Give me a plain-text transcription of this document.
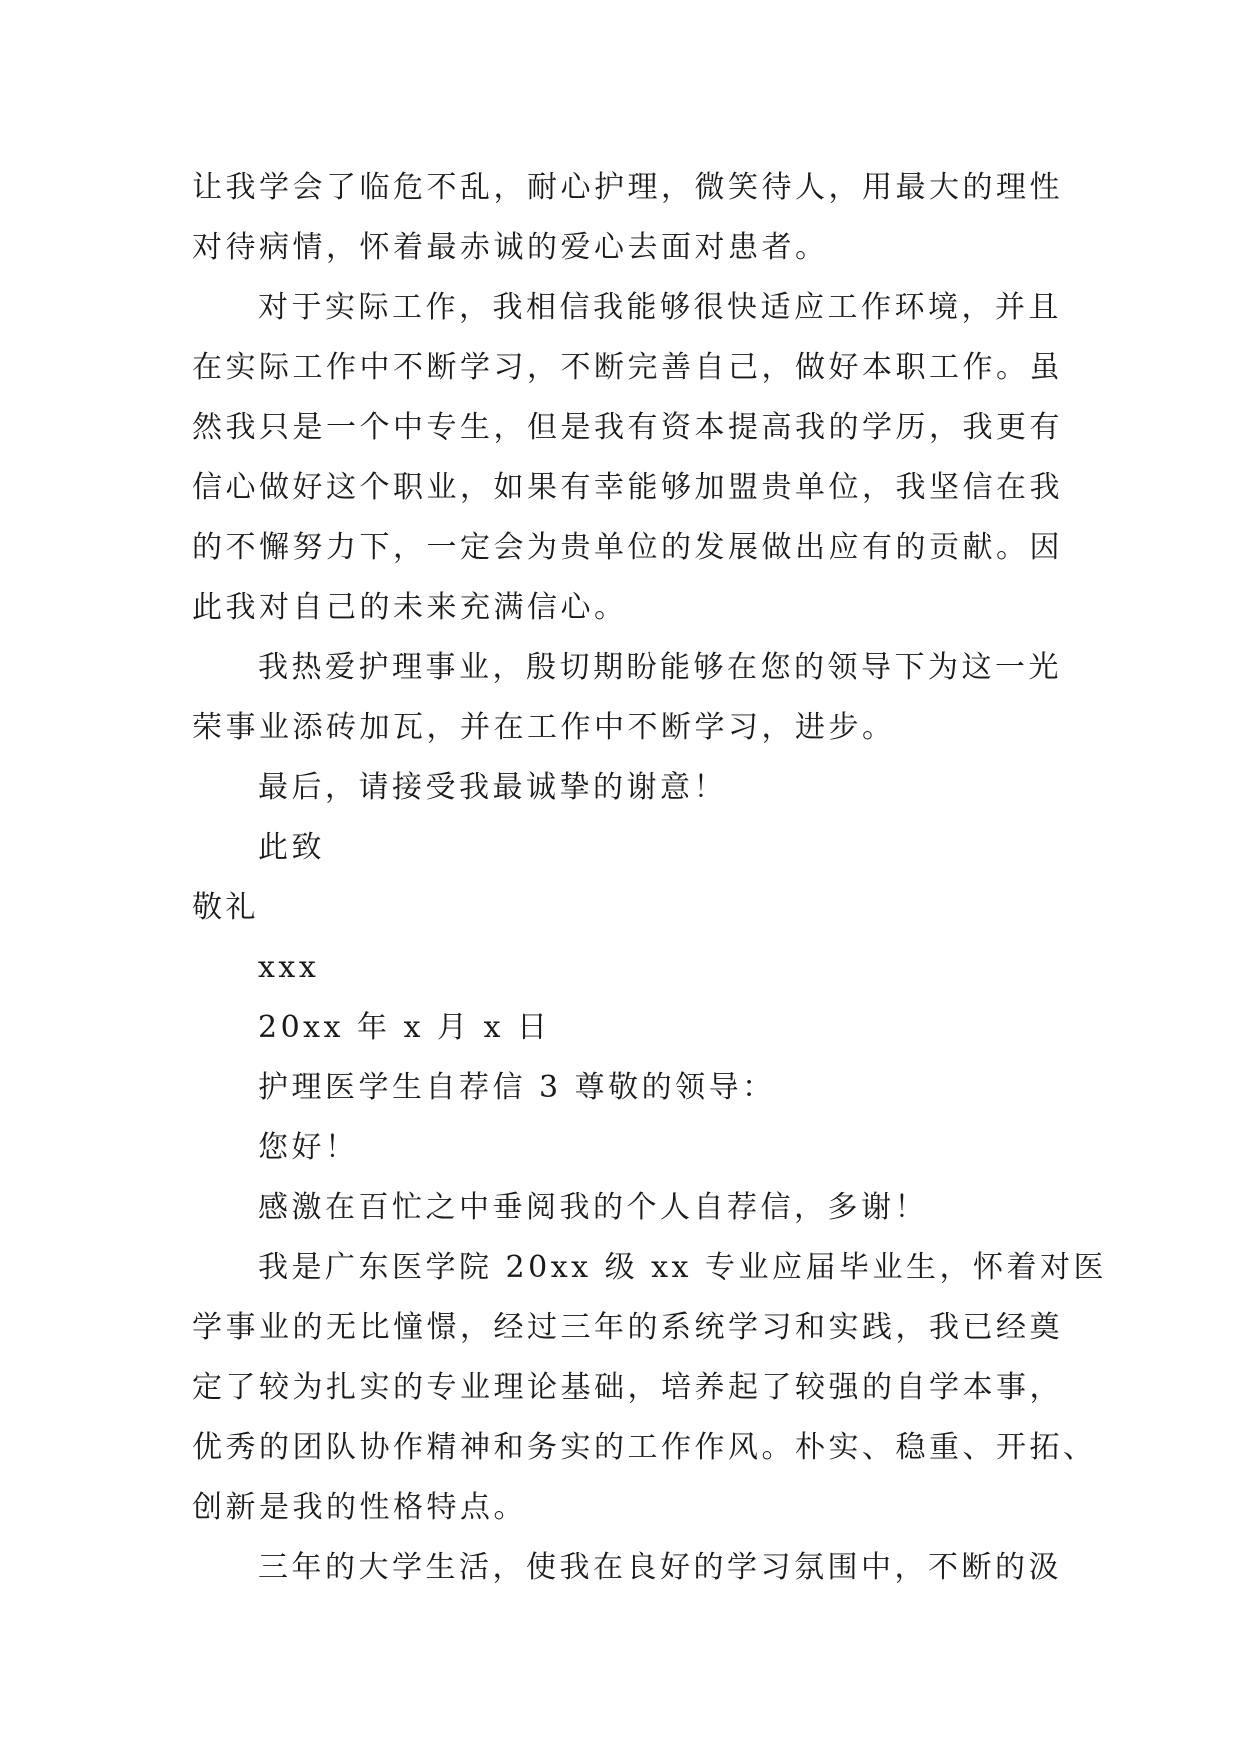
让我学会了临危不乱，耐心护理，微笑待人，用最大的理性
对待病情，怀着最赤诚的爱心去面对患者。
对于实际工作，我相信我能够很快适应工作环境，并且
在实际工作中不断学习，不断完善自己，做好本职工作。虽
然我只是一个中专生，但是我有资本提高我的学历，我更有
信心做好这个职业，如果有幸能够加盟贵单位，我坚信在我
的不懈努力下，一定会为贵单位的发展做出应有的贡献。因
此我对自己的未来充满信心。
我热爱护理事业，殷切期盼能够在您的领导下为这一光
荣事业添砖加瓦，并在工作中不断学习，进步。
最后，请接受我最诚挚的谢意！
此致
敬礼
xxx
20xx 年 x 月 x 日
护理医学生自荐信 3 尊敬的领导：
您好！
感激在百忙之中垂阅我的个人自荐信，多谢！
我是广东医学院 20xx 级 xx 专业应届毕业生，怀着对医
学事业的无比憧憬，经过三年的系统学习和实践，我已经奠
定了较为扎实的专业理论基础，培养起了较强的自学本事，
优秀的团队协作精神和务实的工作作风。朴实、稳重、开拓、
创新是我的性格特点。
三年的大学生活，使我在良好的学习氛围中，不断的汲
